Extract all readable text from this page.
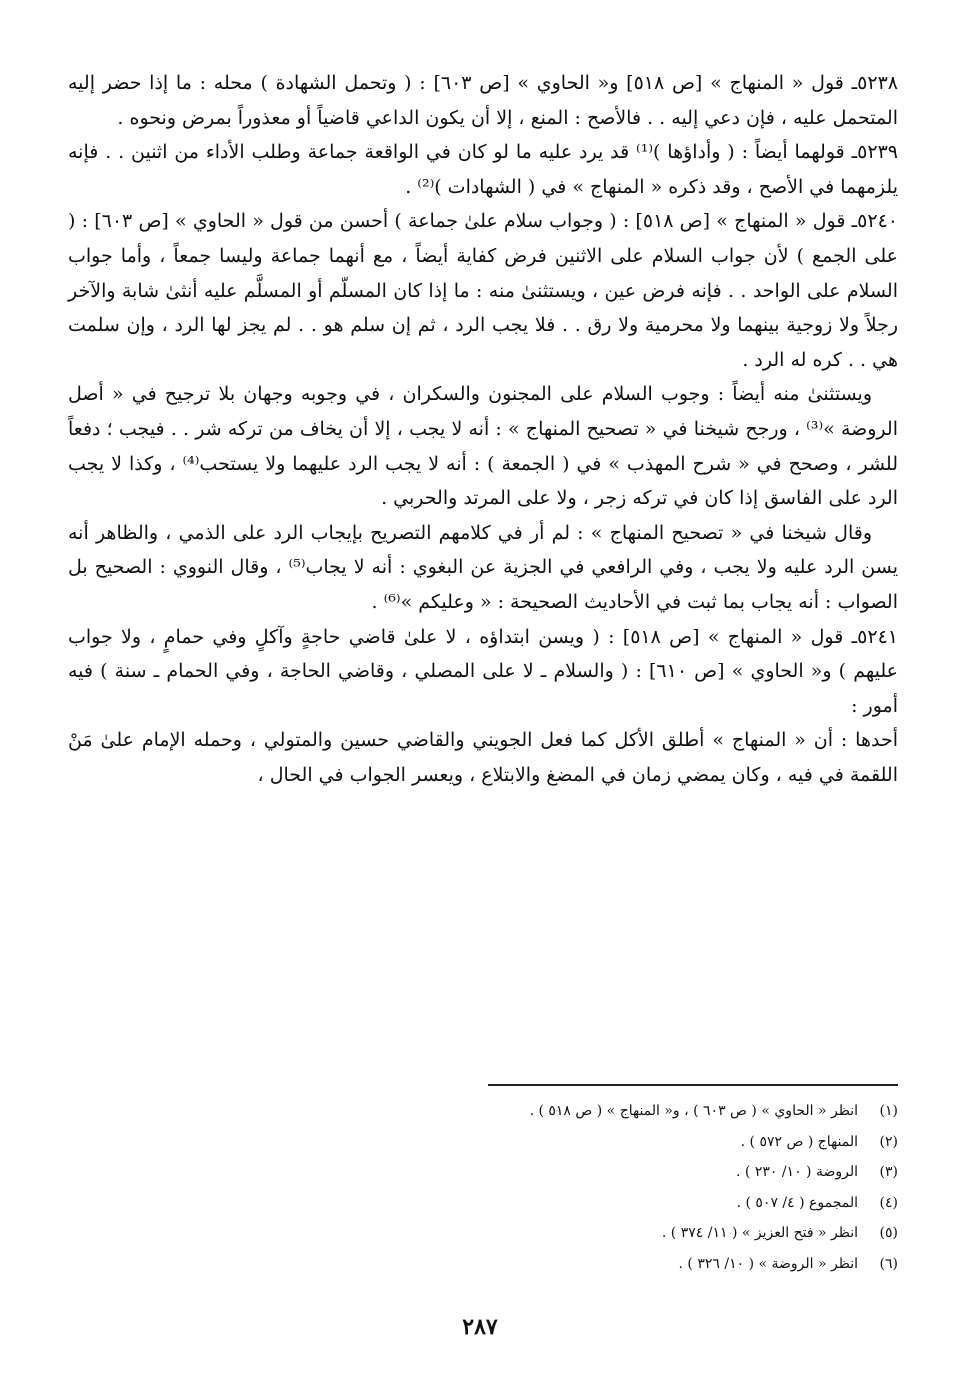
٥٢٣٨ـ قول « المنهاج » [ص ٥١٨] و« الحاوي » [ص ٦٠٣] : ( وتحمل الشهادة ) محله : ما إذا حضر إليه المتحمل عليه ، فإن دعي إليه . . فالأصح : المنع ، إلا أن يكون الداعي قاضياً أو معذوراً بمرض ونحوه .

٥٢٣٩ـ قولهما أيضاً : ( وأداؤها )⁽¹⁾ قد يرد عليه ما لو كان في الواقعة جماعة وطلب الأداء من اثنين . . فإنه يلزمهما في الأصح ، وقد ذكره « المنهاج » في ( الشهادات )⁽²⁾ .

٥٢٤٠ـ قول « المنهاج » [ص ٥١٨] : ( وجواب سلام علىٰ جماعة ) أحسن من قول « الحاوي » [ص ٦٠٣] : ( على الجمع ) لأن جواب السلام على الاثنين فرض كفاية أيضاً ، مع أنهما جماعة وليسا جمعاً ، وأما جواب السلام على الواحد . . فإنه فرض عين ، ويستثنىٰ منه : ما إذا كان المسلّم أو المسلَّم عليه أنثىٰ شابة والآخر رجلاً ولا زوجية بينهما ولا محرمية ولا رق . . فلا يجب الرد ، ثم إن سلم هو . . لم يجز لها الرد ، وإن سلمت هي . . كره له الرد .

ويستثنىٰ منه أيضاً : وجوب السلام على المجنون والسكران ، في وجوبه وجهان بلا ترجيح في « أصل الروضة »⁽³⁾ ، ورجح شيخنا في « تصحيح المنهاج » : أنه لا يجب ، إلا أن يخاف من تركه شر . . فيجب ؛ دفعاً للشر ، وصحح في « شرح المهذب » في ( الجمعة ) : أنه لا يجب الرد عليهما ولا يستحب⁽⁴⁾ ، وكذا لا يجب الرد على الفاسق إذا كان في تركه زجر ، ولا على المرتد والحربي .

وقال شيخنا في « تصحيح المنهاج » : لم أر في كلامهم التصريح بإيجاب الرد على الذمي ، والظاهر أنه يسن الرد عليه ولا يجب ، وفي الرافعي في الجزية عن البغوي : أنه لا يجاب⁽⁵⁾ ، وقال النووي : الصحيح بل الصواب : أنه يجاب بما ثبت في الأحاديث الصحيحة : « وعليكم »⁽⁶⁾ .

٥٢٤١ـ قول « المنهاج » [ص ٥١٨] : ( ويسن ابتداؤه ، لا علىٰ قاضي حاجةٍ وآكلٍ وفي حمامٍ ، ولا جواب عليهم ) و« الحاوي » [ص ٦١٠] : ( والسلام ـ لا على المصلي ، وقاضي الحاجة ، وفي الحمام ـ سنة ) فيه أمور :

أحدها : أن « المنهاج » أطلق الأكل كما فعل الجويني والقاضي حسين والمتولي ، وحمله الإمام علىٰ مَنْ اللقمة في فيه ، وكان يمضي زمان في المضغ والابتلاع ، ويعسر الجواب في الحال ،

(١)انظر « الحاوي » ( ص ٦٠٣ ) ، و« المنهاج » ( ص ٥١٨ ) .
(٢)المنهاج ( ص ٥٧٢ ) .
(٣)الروضة ( ١٠/ ٢٣٠ ) .
(٤)المجموع ( ٤/ ٥٠٧ ) .
(٥)انظر « فتح العزيز » ( ١١/ ٣٧٤ ) .
(٦)انظر « الروضة » ( ١٠/ ٣٢٦ ) .
٢٨٧
